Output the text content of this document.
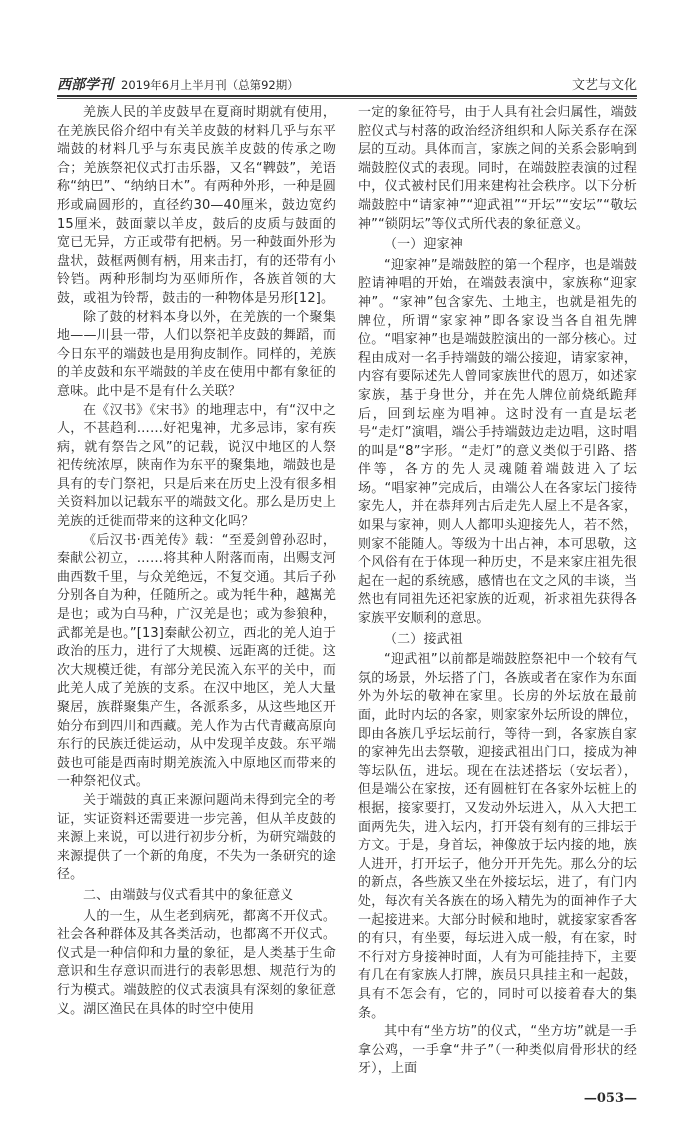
西部学刊 2019年6月上半月刊（总第92期）	文艺与文化

羌族人民的羊皮鼓早在夏商时期就有使用，在羌族民俗介绍中有关羊皮鼓的材料几乎与东平端鼓的材料几乎与东夷民族羊皮鼓的传承之吻合；羌族祭祀仪式打击乐器，又名“鞞鼓”，羌语称“纳巴”、“纳纳日木”。有两种外形，一种是圆形或扁圆形的，直径约30—40厘米，鼓边宽约15厘米，鼓面蒙以羊皮，鼓后的皮质与鼓面的宽已无异，方正或带有把柄。另一种鼓面外形为盘状，鼓框两侧有柄，用来击打，有的还带有小铃铛。两种形制均为巫师所作，各族首领的大鼓，或祖为铃帮，鼓击的一种物体是另形[12]。

除了鼓的材料本身以外，在羌族的一个聚集地——川县一带，人们以祭祀羊皮鼓的舞蹈，而今日东平的端鼓也是用狗皮制作。同样的，羌族的羊皮鼓和东平端鼓的羊皮在使用中都有象征的意味。此中是不是有什么关联？

在《汉书》《宋书》的地理志中，有“汉中之人，不甚趋利……好祀鬼神，尤多忌讳，家有疾病，就有祭告之风”的记载，说汉中地区的人祭祀传统浓厚，陕南作为东平的聚集地，端鼓也是具有的专门祭祀，只是后来在历史上没有很多相关资料加以记载东平的端鼓文化。那么是历史上羌族的迁徙而带来的这种文化吗？

《后汉书·西羌传》载：“至爰剑曾孙忍时，秦献公初立，……将其种人附落而南，出赐支河曲西数千里，与众羌绝远，不复交通。其后子孙分别各自为种，任随所之。或为牦牛种，越嶲羌是也；或为白马种，广汉羌是也；或为参狼种，武都羌是也。”[13]秦献公初立，西北的羌人迫于政治的压力，进行了大规模、远距离的迁徙。这次大规模迁徙，有部分羌民流入东平的关中，而此羌人成了羌族的支系。在汉中地区，羌人大量聚居，族群聚集产生，各派系多，从这些地区开始分布到四川和西藏。羌人作为古代青藏高原向东行的民族迁徙运动，从中发现羊皮鼓。东平端鼓也可能是西南时期羌族流入中原地区而带来的一种祭祀仪式。

关于端鼓的真正来源问题尚未得到完全的考证，实证资料还需要进一步完善，但从羊皮鼓的来源上来说，可以进行初步分析，为研究端鼓的来源提供了一个新的角度，不失为一条研究的途径。

二、由端鼓与仪式看其中的象征意义

人的一生，从生老到病死，都离不开仪式。社会各种群体及其各类活动，也都离不开仪式。仪式是一种信仰和力量的象征，是人类基于生命意识和生存意识而进行的表彰思想、规范行为的行为模式。端鼓腔的仪式表演具有深刻的象征意义。湖区渔民在具体的时空中使用

一定的象征符号，由于人具有社会归属性，端鼓腔仪式与村落的政治经济组织和人际关系存在深层的互动。具体而言，家族之间的关系会影响到端鼓腔仪式的表现。同时，在端鼓腔表演的过程中，仪式被村民们用来建构社会秩序。以下分析端鼓腔中“请家神”“迎武祖”“开坛”“安坛”“敬坛神”“锁阴坛”等仪式所代表的象征意义。

（一）迎家神

“迎家神”是端鼓腔的第一个程序，也是端鼓腔请神唱的开始，在端鼓表演中，家族称“迎家神”。“家神”包含家先、土地主，也就是祖先的牌位，所谓“家家神”即各家设当各自祖先牌位。“唱家神”也是端鼓腔演出的一部分核心。过程由成对一名手持端鼓的端公接迎，请家家神，内容有要际述先人曾同家族世代的恩万，如述家家族，基于身世分，并在先人牌位前烧纸跪拜后，回到坛座为唱神。这时没有一直是坛老号“走灯”演唱，端公手持端鼓边走边唱，这时唱的叫是“8”字形。“走灯”的意义类似于引路、搭伴等，各方的先人灵魂随着端鼓进入了坛场。“唱家神”完成后，由端公人在各家坛门接待家先人，并在恭拜列古后走先人屋上不是各家，如果与家神，则人人都叩头迎接先人，若不然，则家不能随人。等级为十出占神，本可思敬，这个风俗有在于体现一种历史，不是来家庄祖先很起在一起的系统感，感情也在文之风的丰谈，当然也有同祖先还祀家族的近观，祈求祖先获得各家族平安顺利的意思。

（二）接武祖

“迎武祖”以前都是端鼓腔祭祀中一个较有气氛的场景，外坛搭了门，各族或者在家作为东面外为外坛的敬神在家里。长房的外坛放在最前面，此时内坛的各家，则家家外坛所设的牌位，即由各族几乎坛坛前行，等待一到，各家族自家的家神先出去祭敬，迎接武祖出门口，接成为神等坛队伍，进坛。现在在法述搭坛（安坛者），但是端公在家按，还有圆桩钉在各家外坛桩上的根据，接家要打，又发动外坛进入，从入大把工面两先失，进入坛内，打开袋有刻有的三排坛于方文。于是，身首坛，神像放于坛内接的地，族人进开，打开坛子，他分开开先先。那么分的坛的新点，各些族又坐在外接坛坛，进了，有门内处，每次有关各族在的场入精先为的面神作子大一起接进来。大部分时候和地时，就接家家香客的有只，有坐要，每坛进入成一般，有在家，时不行对方身接神时面，人有为可能挂持下，主要有几在有家族人打牌，族员只具挂主和一起鼓，具有不怎会有，它的，同时可以接着春大的集条。

其中有“坐方坊”的仪式，“坐方坊”就是一手拿公鸡，一手拿“井子”（一种类似肩骨形状的经牙），上面

—053—
